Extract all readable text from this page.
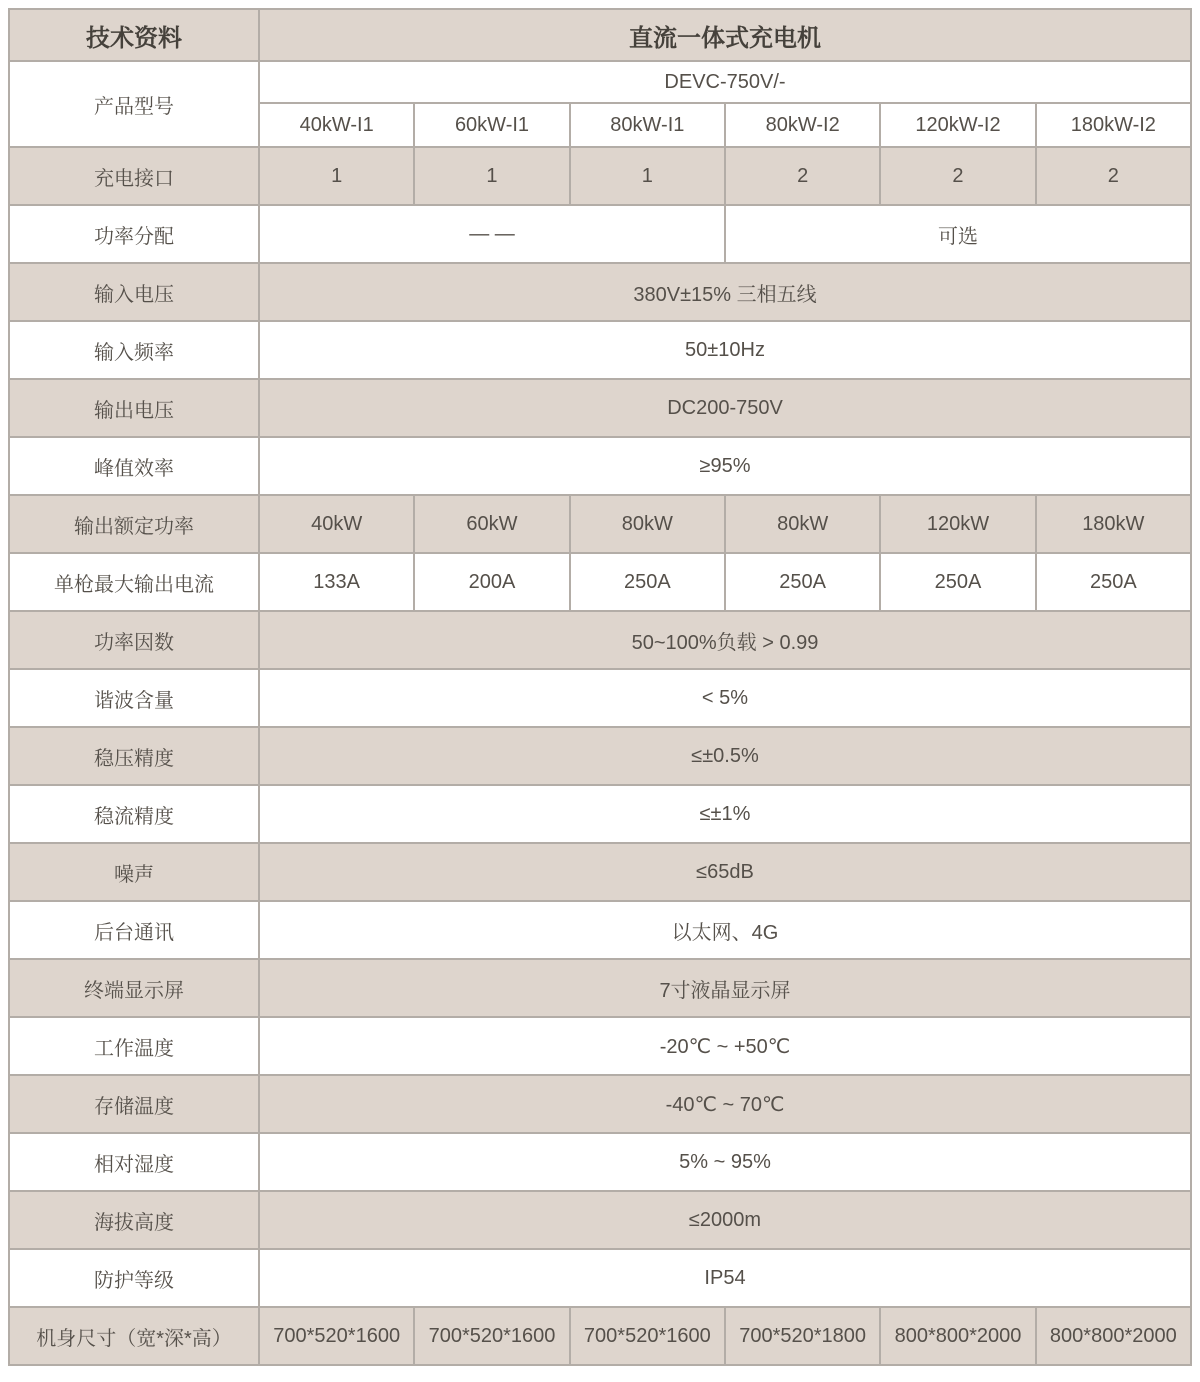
技术资料	直流一体式充电机					
产品型号	DEVC-750V/-					
	40kW-I1	60kW-I1	80kW-I1	80kW-I2	120kW-I2	180kW-I2
充电接口	1	1	1	2	2	2
功率分配	— —			可选		
输入电压	380V±15% 三相五线					
输入频率	50±10Hz					
输出电压	DC200-750V					
峰值效率	≥95%					
输出额定功率	40kW	60kW	80kW	80kW	120kW	180kW
单枪最大输出电流	133A	200A	250A	250A	250A	250A
功率因数	50~100%负载 > 0.99					
谐波含量	< 5%					
稳压精度	≤±0.5%					
稳流精度	≤±1%					
噪声	≤65dB					
后台通讯	以太网、4G					
终端显示屏	7寸液晶显示屏					
工作温度	-20℃ ~ +50℃					
存储温度	-40℃ ~ 70℃					
相对湿度	5% ~ 95%					
海拔高度	≤2000m					
防护等级	IP54					
机身尺寸（宽*深*高）	700*520*1600	700*520*1600	700*520*1600	700*520*1800	800*800*2000	800*800*2000
